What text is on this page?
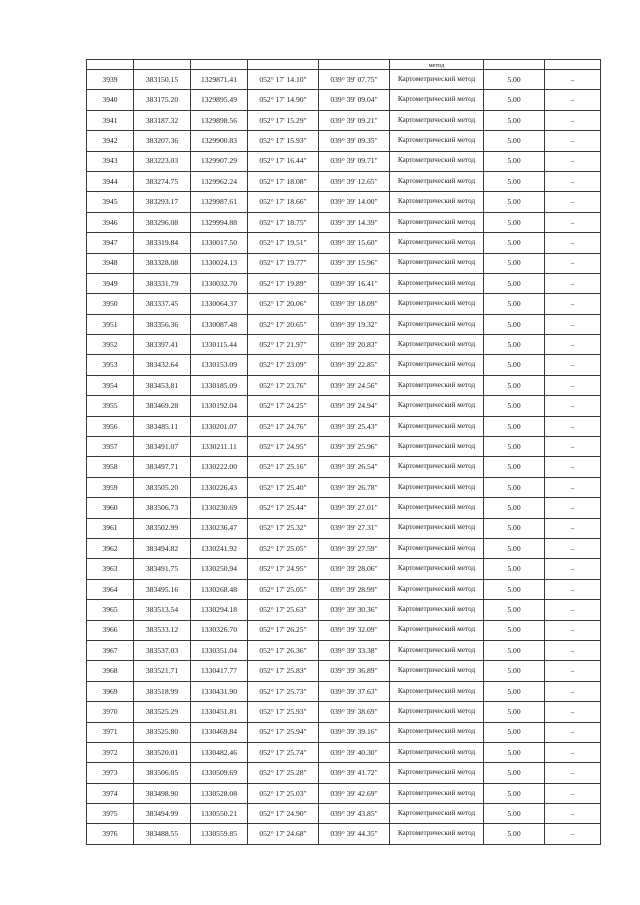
					метод		
3939	383150.15	1329871.41	052° 17' 14.10"	039° 39' 07.75"	Картометрический метод	5.00	–
3940	383175.20	1329895.49	052° 17' 14.90"	039° 39' 09.04"	Картометрический метод	5.00	–
3941	383187.32	1329898.56	052° 17' 15.29"	039° 39' 09.21"	Картометрический метод	5.00	–
3942	383207.36	1329900.83	052° 17' 15.93"	039° 39' 09.35"	Картометрический метод	5.00	–
3943	383223.03	1329907.29	052° 17' 16.44"	039° 39' 09.71"	Картометрический метод	5.00	–
3944	383274.75	1329962.24	052° 17' 18.08"	039° 39' 12.65"	Картометрический метод	5.00	–
3945	383293.17	1329987.61	052° 17' 18.66"	039° 39' 14.00"	Картометрический метод	5.00	–
3946	383296.08	1329994.88	052° 17' 18.75"	039° 39' 14.39"	Картометрический метод	5.00	–
3947	383319.84	1330017.50	052° 17' 19.51"	039° 39' 15.60"	Картометрический метод	5.00	–
3948	383328.08	1330024.13	052° 17' 19.77"	039° 39' 15.96"	Картометрический метод	5.00	–
3949	383331.79	1330032.70	052° 17' 19.89"	039° 39' 16.41"	Картометрический метод	5.00	–
3950	383337.45	1330064.37	052° 17' 20.06"	039° 39' 18.09"	Картометрический метод	5.00	–
3951	383356.36	1330087.48	052° 17' 20.65"	039° 39' 19.32"	Картометрический метод	5.00	–
3952	383397.41	1330115.44	052° 17' 21.97"	039° 39' 20.83"	Картометрический метод	5.00	–
3953	383432.64	1330153.09	052° 17' 23.09"	039° 39' 22.85"	Картометрический метод	5.00	–
3954	383453.81	1330185.09	052° 17' 23.76"	039° 39' 24.56"	Картометрический метод	5.00	–
3955	383469.28	1330192.04	052° 17' 24.25"	039° 39' 24.94"	Картометрический метод	5.00	–
3956	383485.11	1330201.07	052° 17' 24.76"	039° 39' 25.43"	Картометрический метод	5.00	–
3957	383491.07	1330211.11	052° 17' 24.95"	039° 39' 25.96"	Картометрический метод	5.00	–
3958	383497.71	1330222.00	052° 17' 25.16"	039° 39' 26.54"	Картометрический метод	5.00	–
3959	383505.20	1330226.43	052° 17' 25.40"	039° 39' 26.78"	Картометрический метод	5.00	–
3960	383506.73	1330230.69	052° 17' 25.44"	039° 39' 27.01"	Картометрический метод	5.00	–
3961	383502.99	1330236.47	052° 17' 25.32"	039° 39' 27.31"	Картометрический метод	5.00	–
3962	383494.82	1330241.92	052° 17' 25.05"	039° 39' 27.59"	Картометрический метод	5.00	–
3963	383491.75	1330250.94	052° 17' 24.95"	039° 39' 28.06"	Картометрический метод	5.00	–
3964	383495.16	1330268.48	052° 17' 25.05"	039° 39' 28.99"	Картометрический метод	5.00	–
3965	383513.54	1330294.18	052° 17' 25.63"	039° 39' 30.36"	Картометрический метод	5.00	–
3966	383533.12	1330326.70	052° 17' 26.25"	039° 39' 32.09"	Картометрический метод	5.00	–
3967	383537.03	1330351.04	052° 17' 26.36"	039° 39' 33.38"	Картометрический метод	5.00	–
3968	383521.71	1330417.77	052° 17' 25.83"	039° 39' 36.89"	Картометрический метод	5.00	–
3969	383518.99	1330431.90	052° 17' 25.73"	039° 39' 37.63"	Картометрический метод	5.00	–
3970	383525.29	1330451.81	052° 17' 25.93"	039° 39' 38.69"	Картометрический метод	5.00	–
3971	383525.80	1330469.84	052° 17' 25.94"	039° 39' 39.16"	Картометрический метод	5.00	–
3972	383520.01	1330482.46	052° 17' 25.74"	039° 39' 40.30"	Картометрический метод	5.00	–
3973	383506.05	1330509.69	052° 17' 25.28"	039° 39' 41.72"	Картометрический метод	5.00	–
3974	383498.90	1330528.08	052° 17' 25.03"	039° 39' 42.69"	Картометрический метод	5.00	–
3975	383494.99	1330550.21	052° 17' 24.90"	039° 39' 43.85"	Картометрический метод	5.00	–
3976	383488.55	1330559.85	052° 17' 24.68"	039° 39' 44.35"	Картометрический метод	5.00	–
